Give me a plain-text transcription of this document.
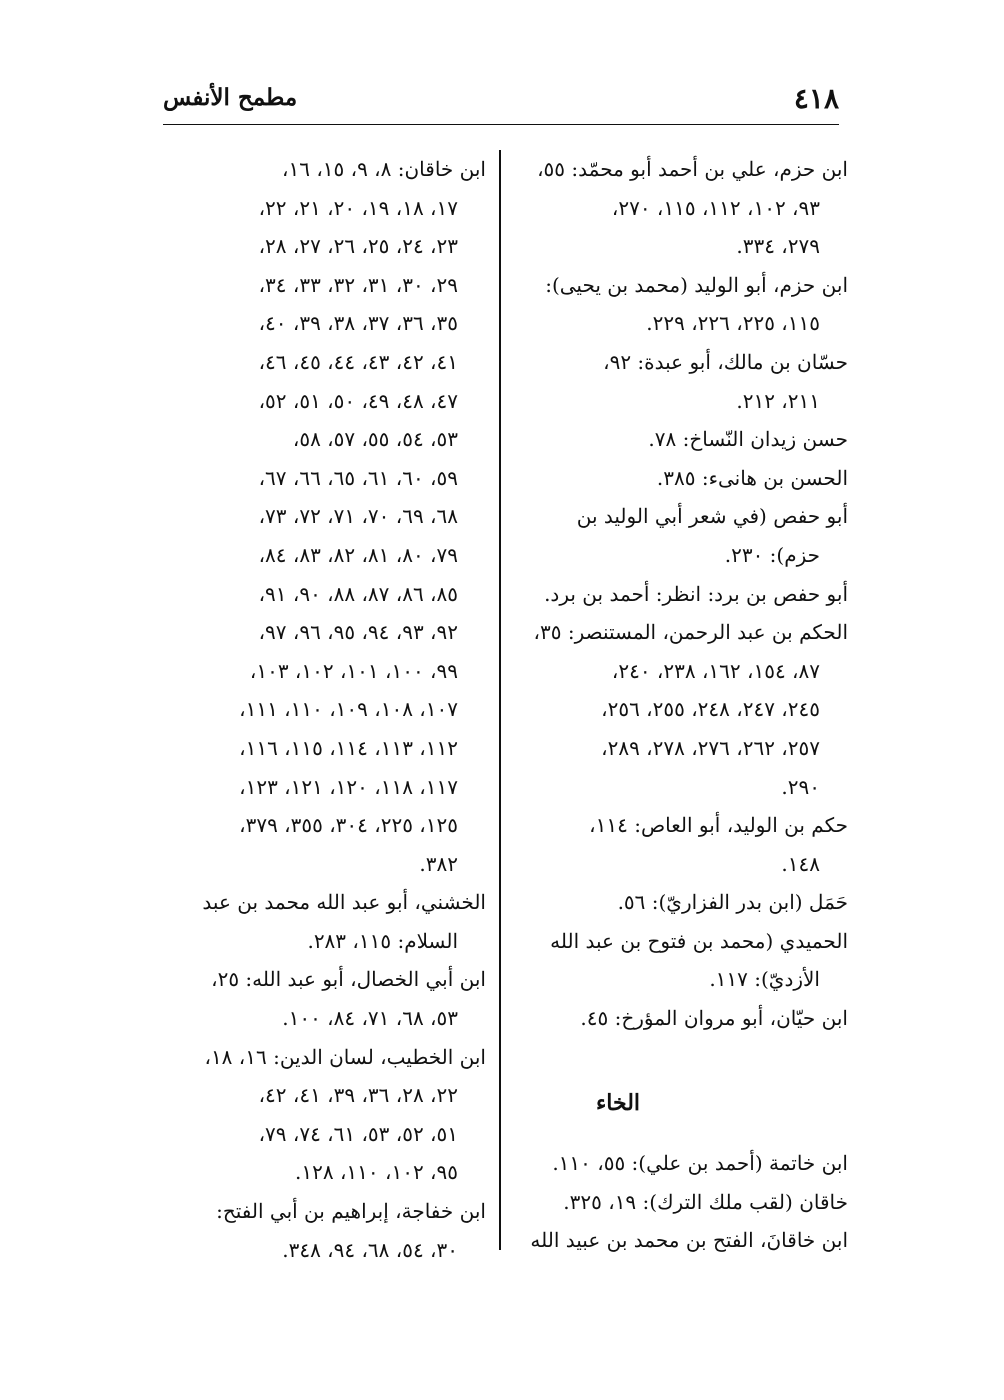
٤١٨
مطمح الأنفس
ابن حزم، علي بن أحمد أبو محمّد: ٥٥،
٩٣، ١٠٢، ١١٢، ١١٥، ٢٧٠،
٢٧٩، ٣٣٤.
ابن حزم، أبو الوليد (محمد بن يحيى):
١١٥، ٢٢٥، ٢٢٦، ٢٢٩.
حسّان بن مالك، أبو عبدة: ٩٢،
٢١١، ٢١٢.
حسن زيدان النّساخ: ٧٨.
الحسن بن هانىء: ٣٨٥.
أبو حفص (في شعر أبي الوليد بن
حزم): ٢٣٠.
أبو حفص بن برد: انظر: أحمد بن برد.
الحكم بن عبد الرحمن، المستنصر: ٣٥،
٨٧، ١٥٤، ١٦٢، ٢٣٨، ٢٤٠،
٢٤٥، ٢٤٧، ٢٤٨، ٢٥٥، ٢٥٦،
٢٥٧، ٢٦٢، ٢٧٦، ٢٧٨، ٢٨٩،
٢٩٠.
حكم بن الوليد، أبو العاص: ١١٤،
١٤٨.
حَمَل (ابن بدر الفزاريّ): ٥٦.
الحميدي (محمد بن فتوح بن عبد الله
الأزديّ): ١١٧.
ابن حيّان، أبو مروان المؤرخ: ٤٥.
الخاء
ابن خاتمة (أحمد بن علي): ٥٥، ١١٠.
خاقان (لقب ملك الترك): ١٩، ٣٢٥.
ابن خاقانَ، الفتح بن محمد بن عبيد الله
ابن خاقان: ٨، ٩، ١٥، ١٦،
١٧، ١٨، ١٩، ٢٠، ٢١، ٢٢،
٢٣، ٢٤، ٢٥، ٢٦، ٢٧، ٢٨،
٢٩، ٣٠، ٣١، ٣٢، ٣٣، ٣٤،
٣٥، ٣٦، ٣٧، ٣٨، ٣٩، ٤٠،
٤١، ٤٢، ٤٣، ٤٤، ٤٥، ٤٦،
٤٧، ٤٨، ٤٩، ٥٠، ٥١، ٥٢،
٥٣، ٥٤، ٥٥، ٥٧، ٥٨،
٥٩، ٦٠، ٦١، ٦٥، ٦٦، ٦٧،
٦٨، ٦٩، ٧٠، ٧١، ٧٢، ٧٣،
٧٩، ٨٠، ٨١، ٨٢، ٨٣، ٨٤،
٨٥، ٨٦، ٨٧، ٨٨، ٩٠، ٩١،
٩٢، ٩٣، ٩٤، ٩٥، ٩٦، ٩٧،
٩٩، ١٠٠، ١٠١، ١٠٢، ١٠٣،
١٠٧، ١٠٨، ١٠٩، ١١٠، ١١١،
١١٢، ١١٣، ١١٤، ١١٥، ١١٦،
١١٧، ١١٨، ١٢٠، ١٢١، ١٢٣،
١٢٥، ٢٢٥، ٣٠٤، ٣٥٥، ٣٧٩،
٣٨٢.
الخشني، أبو عبد الله محمد بن عبد
السلام: ١١٥، ٢٨٣.
ابن أبي الخصال، أبو عبد الله: ٢٥،
٥٣، ٦٨، ٧١، ٨٤، ١٠٠.
ابن الخطيب، لسان الدين: ١٦، ١٨،
٢٢، ٢٨، ٣٦، ٣٩، ٤١، ٤٢،
٥١، ٥٢، ٥٣، ٦١، ٧٤، ٧٩،
٩٥، ١٠٢، ١١٠، ١٢٨.
ابن خفاجة، إبراهيم بن أبي الفتح:
٣٠، ٥٤، ٦٨، ٩٤، ٣٤٨.
